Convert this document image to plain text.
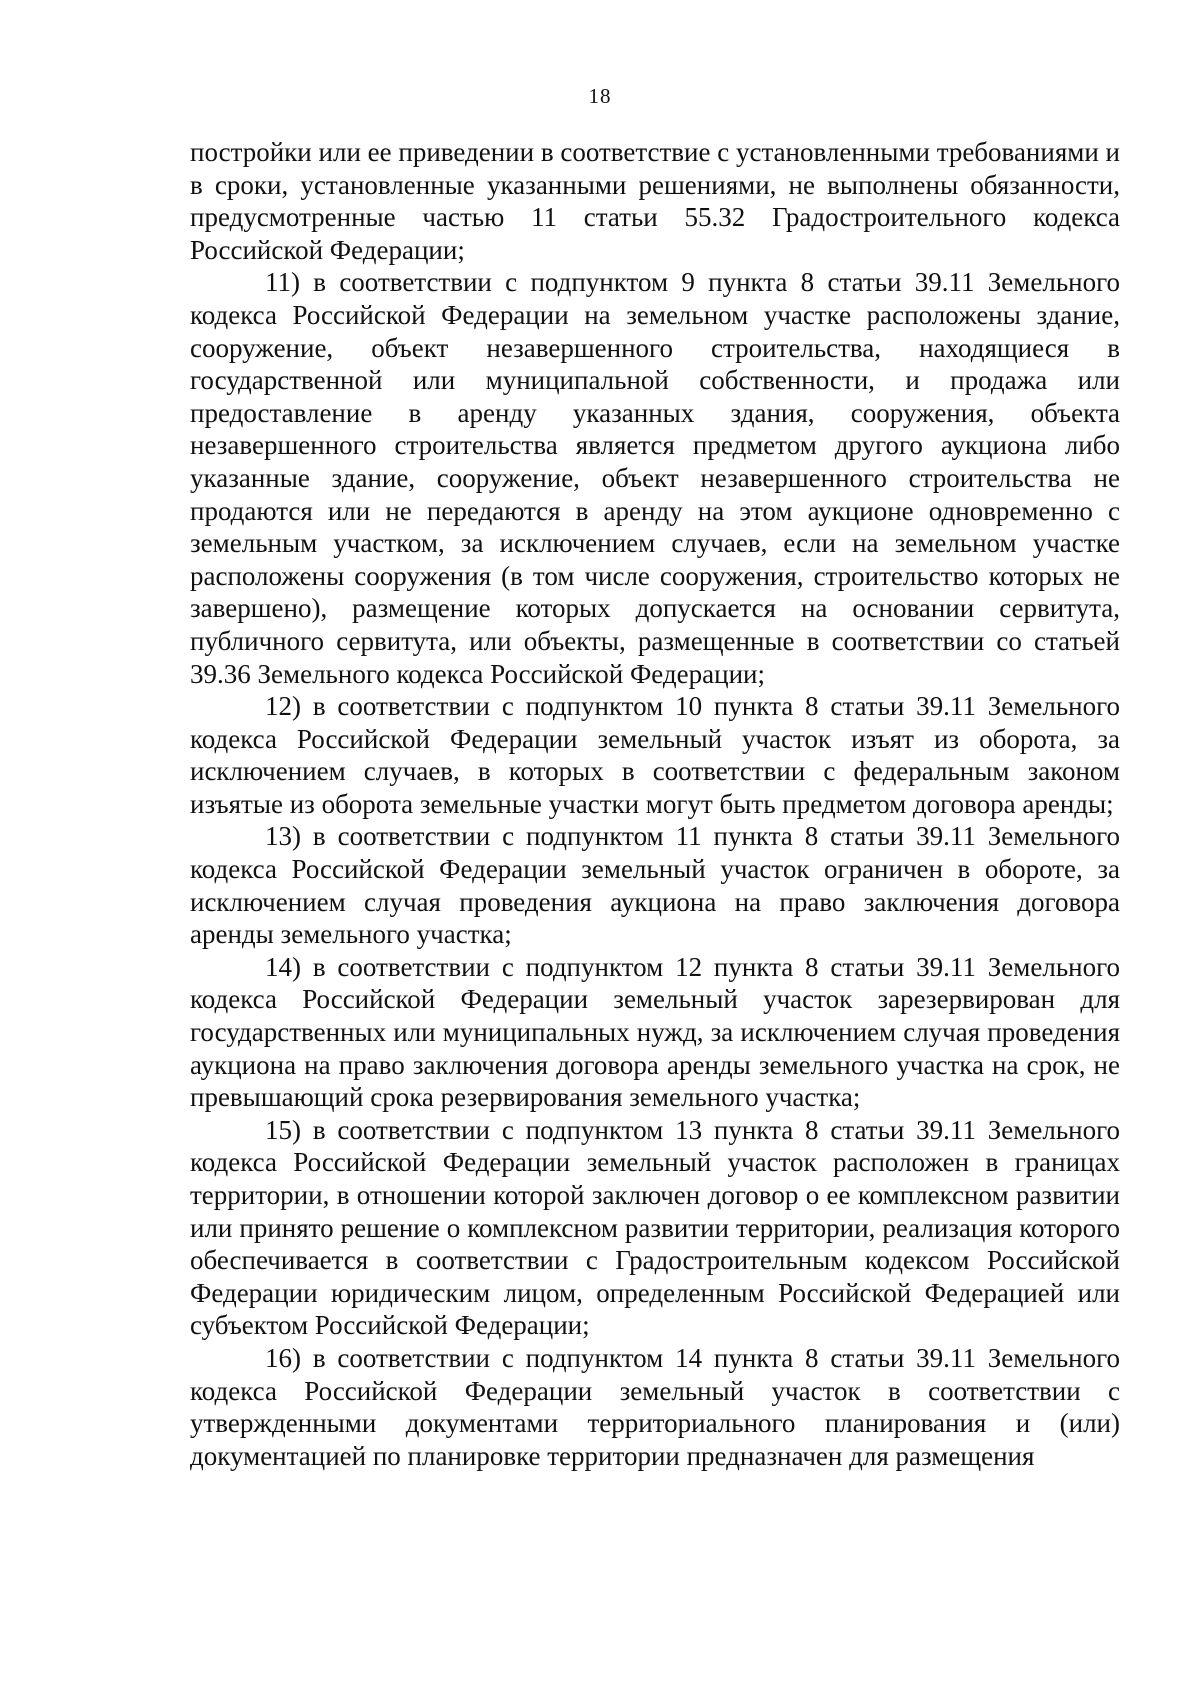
18

постройки или ее приведении в соответствие с установленными требованиями и в сроки, установленные указанными решениями, не выполнены обязанности, предусмотренные частью 11 статьи 55.32 Градостроительного кодекса Российской Федерации;

11) в соответствии с подпунктом 9 пункта 8 статьи 39.11 Земельного кодекса Российской Федерации на земельном участке расположены здание, сооружение, объект незавершенного строительства, находящиеся в государственной или муниципальной собственности, и продажа или предоставление в аренду указанных здания, сооружения, объекта незавершенного строительства является предметом другого аукциона либо указанные здание, сооружение, объект незавершенного строительства не продаются или не передаются в аренду на этом аукционе одновременно с земельным участком, за исключением случаев, если на земельном участке расположены сооружения (в том числе сооружения, строительство которых не завершено), размещение которых допускается на основании сервитута, публичного сервитута, или объекты, размещенные в соответствии со статьей 39.36 Земельного кодекса Российской Федерации;

12) в соответствии с подпунктом 10 пункта 8 статьи 39.11 Земельного кодекса Российской Федерации земельный участок изъят из оборота, за исключением случаев, в которых в соответствии с федеральным законом изъятые из оборота земельные участки могут быть предметом договора аренды;

13) в соответствии с подпунктом 11 пункта 8 статьи 39.11 Земельного кодекса Российской Федерации земельный участок ограничен в обороте, за исключением случая проведения аукциона на право заключения договора аренды земельного участка;

14) в соответствии с подпунктом 12 пункта 8 статьи 39.11 Земельного кодекса Российской Федерации земельный участок зарезервирован для государственных или муниципальных нужд, за исключением случая проведения аукциона на право заключения договора аренды земельного участка на срок, не превышающий срока резервирования земельного участка;

15) в соответствии с подпунктом 13 пункта 8 статьи 39.11 Земельного кодекса Российской Федерации земельный участок расположен в границах территории, в отношении которой заключен договор о ее комплексном развитии или принято решение о комплексном развитии территории, реализация которого обеспечивается в соответствии с Градостроительным кодексом Российской Федерации юридическим лицом, определенным Российской Федерацией или субъектом Российской Федерации;

16) в соответствии с подпунктом 14 пункта 8 статьи 39.11 Земельного кодекса Российской Федерации земельный участок в соответствии с утвержденными документами территориального планирования и (или) документацией по планировке территории предназначен для размещения
